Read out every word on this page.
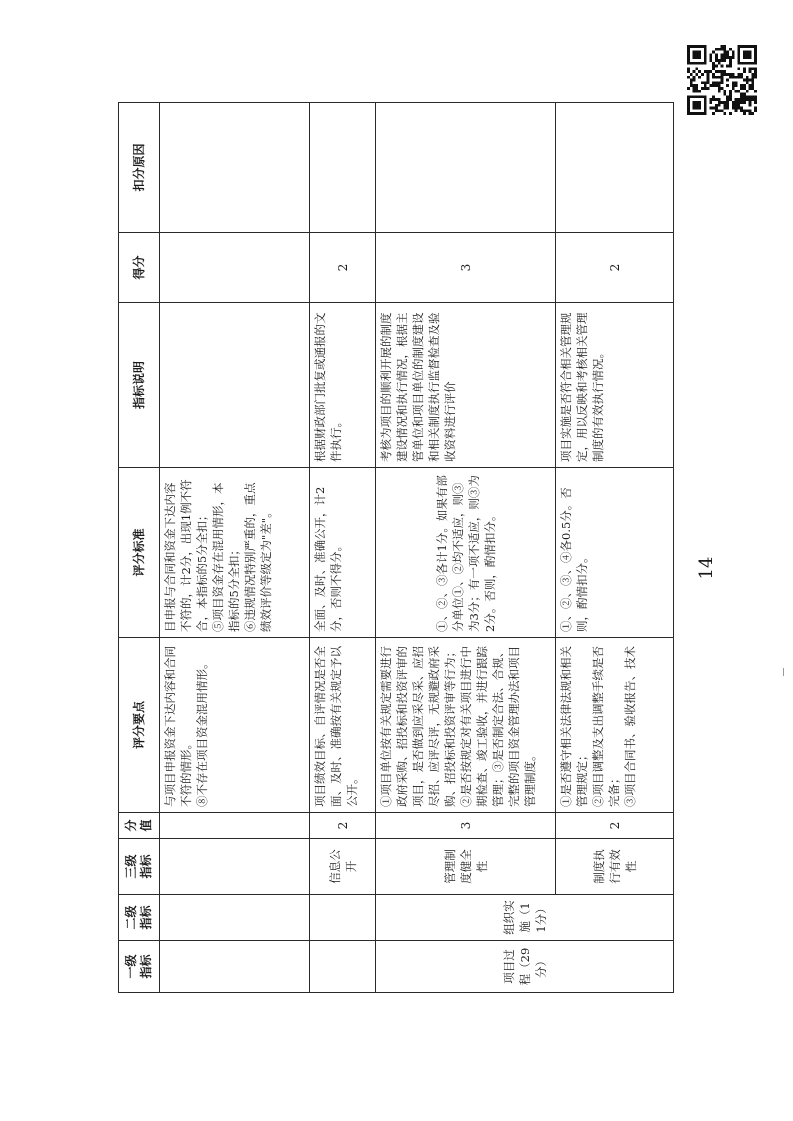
一级 指标	二级 指标	三级 指标	分 值	评分要点	评分标准	指标说明	得分	扣分原因

				与项目申报资金下达内容和合同不符的情形。 ⑧不存在项目资金混用情形。	目申报与合同和资金下达内容不符的，计2分，出现1例不符合，本指标的5分全扣； ⑤项目资金存在混用情形，本指标的5分全扣； ⑥违规情况特别严重的，重点绩效评价等级定为"差"。			

		信息公开	2	项目绩效目标、自评情况是否全面、及时、准确按有关规定予以公开。	全面、及时、准确公开，计2分，否则不得分。	根据财政部门批复或通报的文件执行。	2	
项目过程（29分）	组织实施（11分）	管理制度健全性	3	①项目单位按有关规定需要进行政府采购、招投标和投资评审的项目，是否做到应采尽采、应招尽招、应评尽评，无规避政府采购、招投标和投资评审等行为； ②是否按规定对有关项目进行中期检查、竣工验收，并进行跟踪管理；③是否制定合法、合规、完整的项目资金管理办法和项目管理制度。	①、②、③各计1分。如果有部分单位①、②均不适应，则③为3分；有一项不适应，则③为2分。否则，酌情扣分。	考核为项目的顺利开展的制度建设情况和执行情况，根据主管单位和项目单位的制度建设和相关制度执行监督检查及验收资料进行评价	3	
		制度执行有效性	2	①是否遵守相关法律法规和相关管理规定； ②项目调整及支出调整手续是否完备； ③项目合同书、验收报告、技术	①、②、③、④各0.5分。否则，酌情扣分。	项目实施是否符合相关管理规定，用以反映和考核相关管理制度的有效执行情况。	2	
14
